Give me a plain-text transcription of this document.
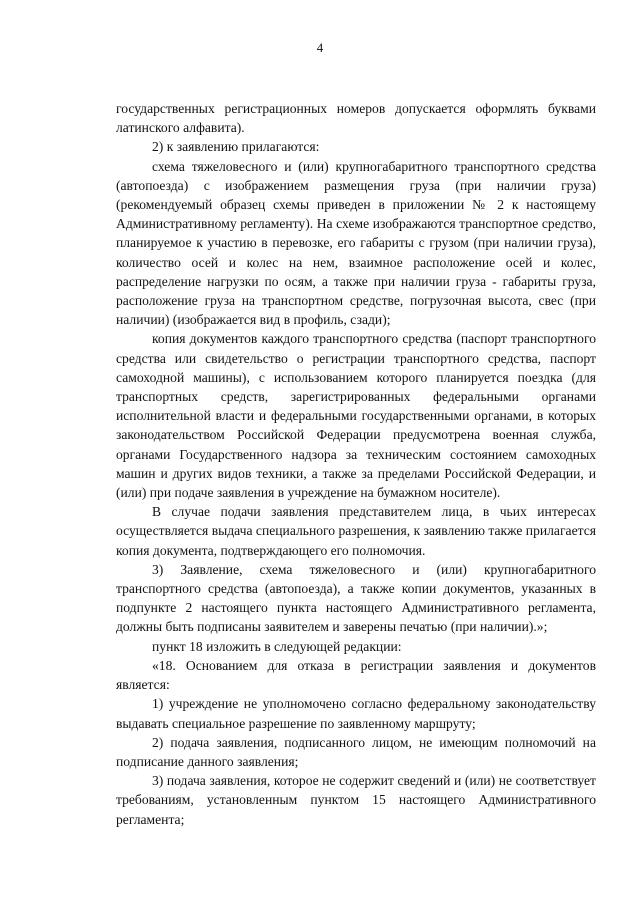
4

государственных регистрационных номеров допускается оформлять буквами латинского алфавита).

2) к заявлению прилагаются:

схема тяжеловесного и (или) крупногабаритного транспортного средства (автопоезда) с изображением размещения груза (при наличии груза) (рекомендуемый образец схемы приведен в приложении № 2 к настоящему Административному регламенту). На схеме изображаются транспортное средство, планируемое к участию в перевозке, его габариты с грузом (при наличии груза), количество осей и колес на нем, взаимное расположение осей и колес, распределение нагрузки по осям, а также при наличии груза - габариты груза, расположение груза на транспортном средстве, погрузочная высота, свес (при наличии) (изображается вид в профиль, сзади);

копия документов каждого транспортного средства (паспорт транспортного средства или свидетельство о регистрации транспортного средства, паспорт самоходной машины), с использованием которого планируется поездка (для транспортных средств, зарегистрированных федеральными органами исполнительной власти и федеральными государственными органами, в которых законодательством Российской Федерации предусмотрена военная служба, органами Государственного надзора за техническим состоянием самоходных машин и других видов техники, а также за пределами Российской Федерации, и (или) при подаче заявления в учреждение на бумажном носителе).

В случае подачи заявления представителем лица, в чьих интересах осуществляется выдача специального разрешения, к заявлению также прилагается копия документа, подтверждающего его полномочия.

3) Заявление, схема тяжеловесного и (или) крупногабаритного транспортного средства (автопоезда), а также копии документов, указанных в подпункте 2 настоящего пункта настоящего Административного регламента, должны быть подписаны заявителем и заверены печатью (при наличии).»;

пункт 18 изложить в следующей редакции:

«18. Основанием для отказа в регистрации заявления и документов является:

1) учреждение не уполномочено согласно федеральному законодательству выдавать специальное разрешение по заявленному маршруту;

2) подача заявления, подписанного лицом, не имеющим полномочий на подписание данного заявления;

3) подача заявления, которое не содержит сведений и (или) не соответствует требованиям, установленным пунктом 15 настоящего Административного регламента;
